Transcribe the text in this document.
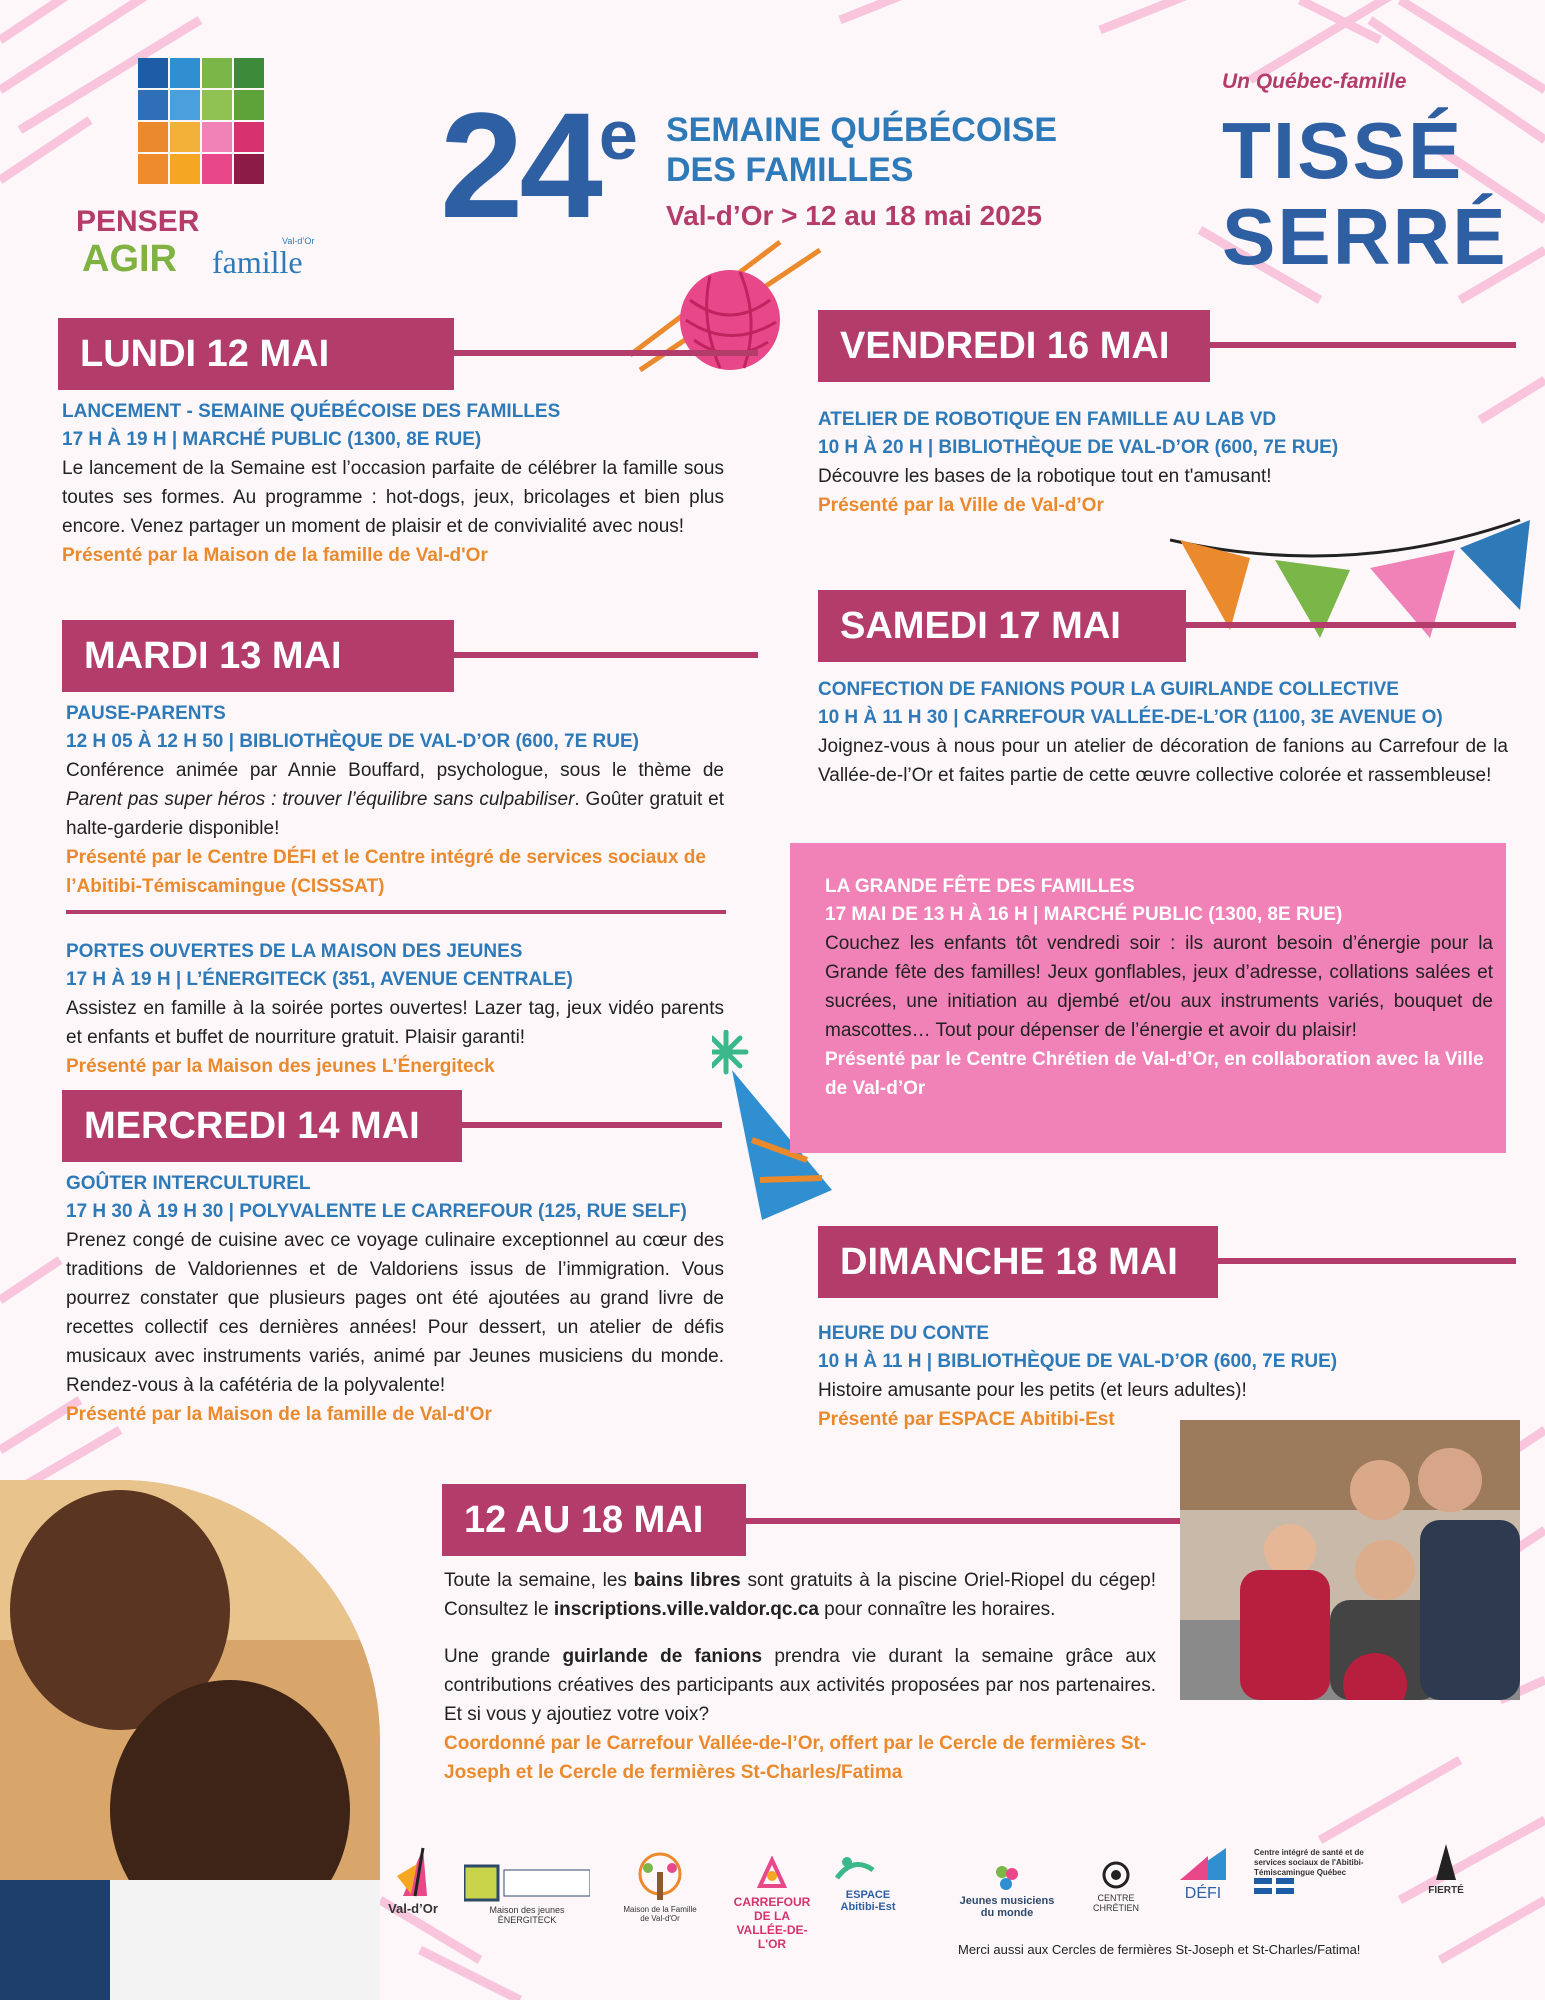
PENSER
AGIR famille
Val-d’Or 24e SEMAINE QUÉBÉCOISE
DES FAMILLES
Val-d’Or > 12 au 18 mai 2025
Un Québec-famille
TISSÉ
SERRÉ
LUNDI 12 MAI
LANCEMENT - SEMAINE QUÉBÉCOISE DES FAMILLES
17 H À 19 H | MARCHÉ PUBLIC (1300, 8E RUE)
Le lancement de la Semaine est l’occasion parfaite de célébrer la famille sous toutes ses formes. Au programme : hot-dogs, jeux, bricolages et bien plus encore. Venez partager un moment de plaisir et de convivialité avec nous!
Présenté par la Maison de la famille de Val-d'Or
MARDI 13 MAI
PAUSE-PARENTS
12 H 05 À 12 H 50 | BIBLIOTHÈQUE DE VAL-D’OR (600, 7E RUE)
Conférence animée par Annie Bouffard, psychologue, sous le thème de Parent pas super héros : trouver l’équilibre sans culpabiliser. Goûter gratuit et halte-garderie disponible!
Présenté par le Centre DÉFI et le Centre intégré de services sociaux de l’Abitibi-Témiscamingue (CISSSAT)
PORTES OUVERTES DE LA MAISON DES JEUNES
17 H À 19 H | L’ÉNERGITECK (351, AVENUE CENTRALE)
Assistez en famille à la soirée portes ouvertes! Lazer tag, jeux vidéo parents et enfants et buffet de nourriture gratuit. Plaisir garanti!
Présenté par la Maison des jeunes L’Énergiteck
MERCREDI 14 MAI
GOÛTER INTERCULTUREL
17 H 30 À 19 H 30 | POLYVALENTE LE CARREFOUR (125, RUE SELF)
Prenez congé de cuisine avec ce voyage culinaire exceptionnel au cœur des traditions de Valdoriennes et de Valdoriens issus de l’immigration. Vous pourrez constater que plusieurs pages ont été ajoutées au grand livre de recettes collectif ces dernières années! Pour dessert, un atelier de défis musicaux avec instruments variés, animé par Jeunes musiciens du monde. Rendez-vous à la cafétéria de la polyvalente!
Présenté par la Maison de la famille de Val-d'Or
VENDREDI 16 MAI
ATELIER DE ROBOTIQUE EN FAMILLE AU LAB VD
10 H À 20 H | BIBLIOTHÈQUE DE VAL-D’OR (600, 7E RUE)
Découvre les bases de la robotique tout en t'amusant!
Présenté par la Ville de Val-d’Or
SAMEDI 17 MAI
CONFECTION DE FANIONS POUR LA GUIRLANDE COLLECTIVE
10 H À 11 H 30 | CARREFOUR VALLÉE-DE-L’OR (1100, 3E AVENUE O)
Joignez-vous à nous pour un atelier de décoration de fanions au Carrefour de la Vallée-de-l’Or et faites partie de cette œuvre collective colorée et rassembleuse!
LA GRANDE FÊTE DES FAMILLES
17 MAI DE 13 H À 16 H | MARCHÉ PUBLIC (1300, 8E RUE)
Couchez les enfants tôt vendredi soir : ils auront besoin d’énergie pour la Grande fête des familles! Jeux gonflables, jeux d’adresse, collations salées et sucrées, une initiation au djembé et/ou aux instruments variés, bouquet de mascottes… Tout pour dépenser de l’énergie et avoir du plaisir!
Présenté par le Centre Chrétien de Val-d’Or, en collaboration avec la Ville de Val-d’Or
DIMANCHE 18 MAI
HEURE DU CONTE
10 H À 11 H | BIBLIOTHÈQUE DE VAL-D’OR (600, 7E RUE)
Histoire amusante pour les petits (et leurs adultes)!
Présenté par ESPACE Abitibi-Est
12 AU 18 MAI
Toute la semaine, les bains libres sont gratuits à la piscine Oriel-Riopel du cégep! Consultez le inscriptions.ville.valdor.qc.ca pour connaître les horaires.
Une grande guirlande de fanions prendra vie durant la semaine grâce aux contributions créatives des participants aux activités proposées par nos partenaires. Et si vous y ajoutiez votre voix?
Coordonné par le Carrefour Vallée-de-l’Or, offert par le Cercle de fermières St-Joseph et le Cercle de fermières St-Charles/Fatima
Val-d’Or	Maison des jeunes ÉNERGITECK
Maison de la Famille de Val-d'Or
CARREFOUR DE LA VALLÉE-DE-L'OR
ESPACE Abitibi-Est	Jeunes musiciens du monde
CENTRE CHRÉTIEN
DÉFI
Centre intégré de santé et de services sociaux de l'Abitibi-Témiscamingue Québec
FIERTÉ
Merci aussi aux Cercles de fermières St-Joseph et St-Charles/Fatima!
